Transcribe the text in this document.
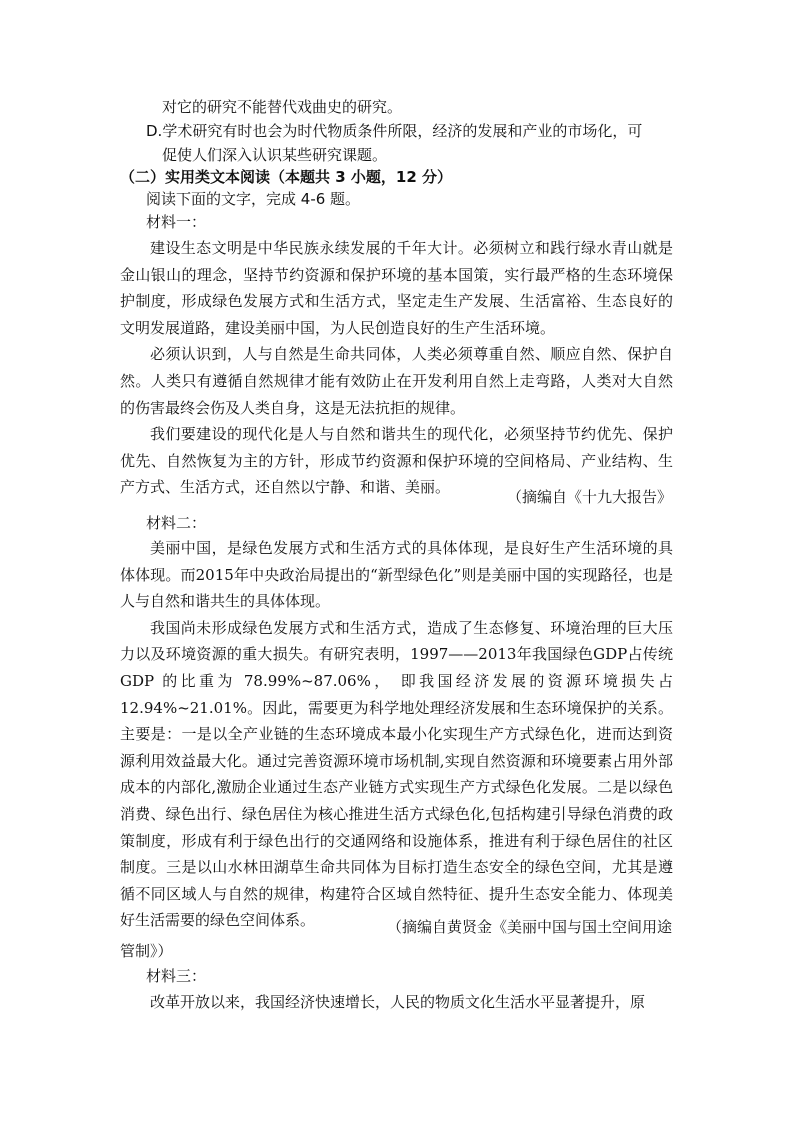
对它的研究不能替代戏曲史的研究。
D.学术研究有时也会为时代物质条件所限，经济的发展和产业的市场化，可
促使人们深入认识某些研究课题。
（二）实用类文本阅读（本题共 3 小题，12 分）
阅读下面的文字，完成 4-6 题。
材料一：

建设生态文明是中华民族永续发展的千年大计。必须树立和践行绿水青山就是金山银山的理念，坚持节约资源和保护环境的基本国策，实行最严格的生态环境保护制度，形成绿色发展方式和生活方式，坚定走生产发展、生活富裕、生态良好的文明发展道路，建设美丽中国，为人民创造良好的生产生活环境。

必须认识到，人与自然是生命共同体，人类必须尊重自然、顺应自然、保护自然。人类只有遵循自然规律才能有效防止在开发利用自然上走弯路，人类对大自然的伤害最终会伤及人类自身，这是无法抗拒的规律。

我们要建设的现代化是人与自然和谐共生的现代化，必须坚持节约优先、保护优先、自然恢复为主的方针，形成节约资源和保护环境的空间格局、产业结构、生产方式、生活方式，还自然以宁静、和谐、美丽。

（摘编自《十九大报告》
材料二：

美丽中国，是绿色发展方式和生活方式的具体体现，是良好生产生活环境的具体体现。而2015年中央政治局提出的“新型绿色化”则是美丽中国的实现路径，也是人与自然和谐共生的具体体现。

我国尚未形成绿色发展方式和生活方式，造成了生态修复、环境治理的巨大压力以及环境资源的重大损失。有研究表明，1997——2013年我国绿色GDP占传统 GDP 的比重为 78.99%~87.06%， 即我国经济发展的资源环境损失占 12.94%~21.01%。因此，需要更为科学地处理经济发展和生态环境保护的关系。主要是：一是以全产业链的生态环境成本最小化实现生产方式绿色化，进而达到资源利用效益最大化。通过完善资源环境市场机制,实现自然资源和环境要素占用外部成本的内部化,激励企业通过生态产业链方式实现生产方式绿色化发展。二是以绿色消费、绿色出行、绿色居住为核心推进生活方式绿色化,包括构建引导绿色消费的政策制度，形成有利于绿色出行的交通网络和设施体系，推进有利于绿色居住的社区制度。三是以山水林田湖草生命共同体为目标打造生态安全的绿色空间，尤其是遵循不同区域人与自然的规律，构建符合区域自然特征、提升生态安全能力、体现美好生活需要的绿色空间体系。	（摘编自黄贤金《美丽中国与国土空间用途
管制》）
材料三：

改革开放以来，我国经济快速增长，人民的物质文化生活水平显著提升，原
